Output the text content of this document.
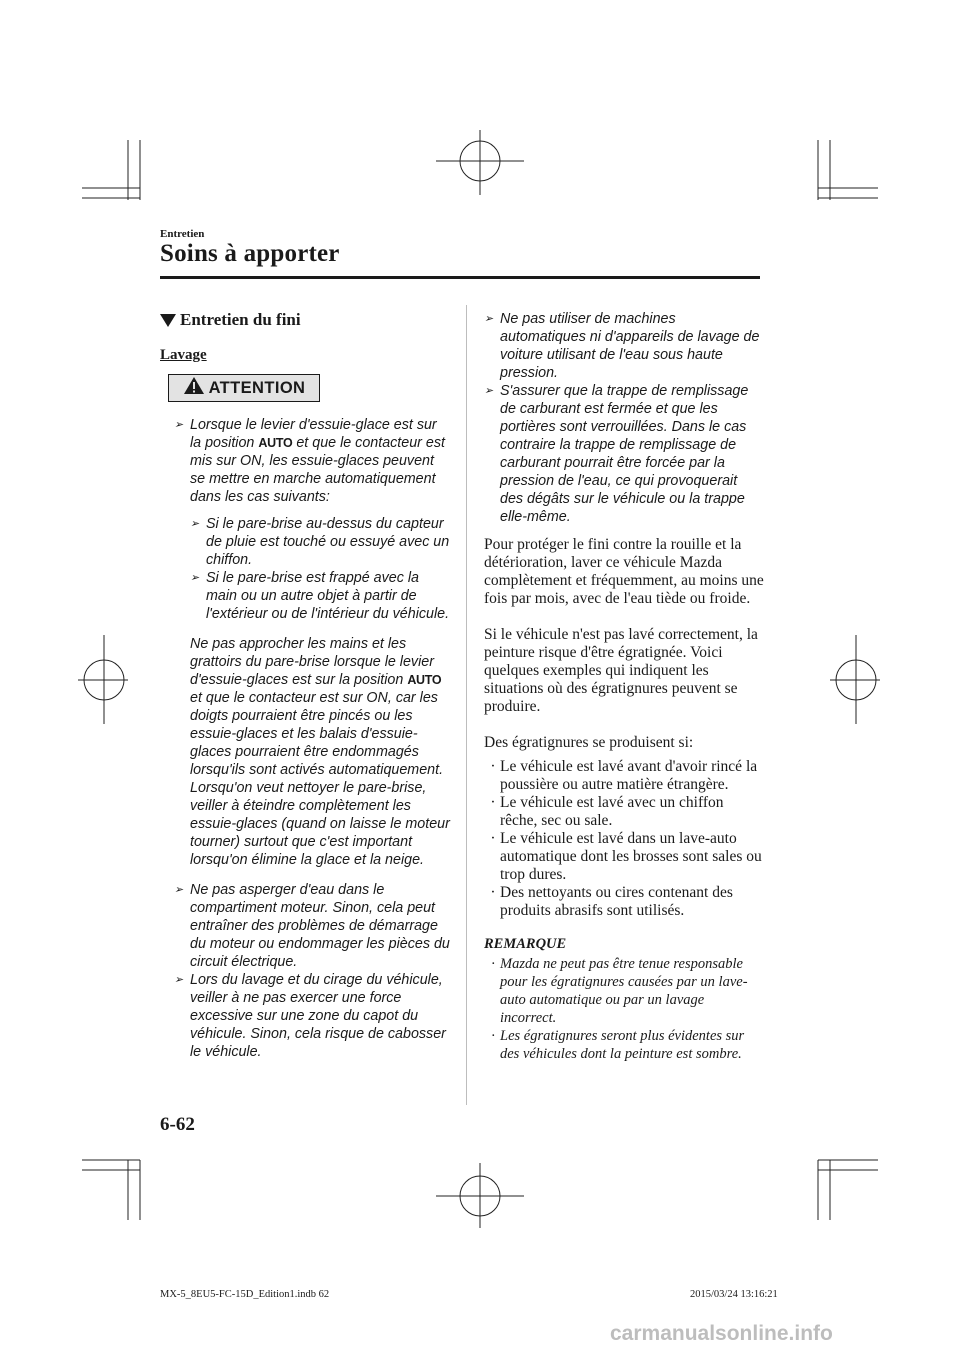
Entretien
Soins à apporter
Entretien du fini
Lavage
ATTENTION
➢ Lorsque le levier d'essuie-glace est sur la position AUTO et que le contacteur est mis sur ON, les essuie-glaces peuvent se mettre en marche automatiquement dans les cas suivants:
➢ Si le pare-brise au-dessus du capteur de pluie est touché ou essuyé avec un chiffon.
➢ Si le pare-brise est frappé avec la main ou un autre objet à partir de l'extérieur ou de l'intérieur du véhicule.
Ne pas approcher les mains et les grattoirs du pare-brise lorsque le levier d'essuie-glaces est sur la position AUTO et que le contacteur est sur ON, car les doigts pourraient être pincés ou les essuie-glaces et les balais d'essuie-glaces pourraient être endommagés lorsqu'ils sont activés automatiquement.
Lorsqu'on veut nettoyer le pare-brise, veiller à éteindre complètement les essuie-glaces (quand on laisse le moteur tourner) surtout que c'est important lorsqu'on élimine la glace et la neige.
➢ Ne pas asperger d'eau dans le compartiment moteur. Sinon, cela peut entraîner des problèmes de démarrage du moteur ou endommager les pièces du circuit électrique.
➢ Lors du lavage et du cirage du véhicule, veiller à ne pas exercer une force excessive sur une zone du capot du véhicule. Sinon, cela risque de cabosser le véhicule.
➢ Ne pas utiliser de machines automatiques ni d'appareils de lavage de voiture utilisant de l'eau sous haute pression.
➢ S'assurer que la trappe de remplissage de carburant est fermée et que les portières sont verrouillées. Dans le cas contraire la trappe de remplissage de carburant pourrait être forcée par la pression de l'eau, ce qui provoquerait des dégâts sur le véhicule ou la trappe elle-même.

Pour protéger le fini contre la rouille et la détérioration, laver ce véhicule Mazda complètement et fréquemment, au moins une fois par mois, avec de l'eau tiède ou froide.

Si le véhicule n'est pas lavé correctement, la peinture risque d'être égratignée. Voici quelques exemples qui indiquent les situations où des égratignures peuvent se produire.

Des égratignures se produisent si:

· Le véhicule est lavé avant d'avoir rincé la poussière ou autre matière étrangère.
· Le véhicule est lavé avec un chiffon rêche, sec ou sale.
· Le véhicule est lavé dans un lave-auto automatique dont les brosses sont sales ou trop dures.
· Des nettoyants ou cires contenant des produits abrasifs sont utilisés.
REMARQUE
· Mazda ne peut pas être tenue responsable pour les égratignures causées par un lave-auto automatique ou par un lavage incorrect.
· Les égratignures seront plus évidentes sur des véhicules dont la peinture est sombre.
6-62
MX-5_8EU5-FC-15D_Edition1.indb 62	2015/03/24 13:16:21
carmanualsonline.info
